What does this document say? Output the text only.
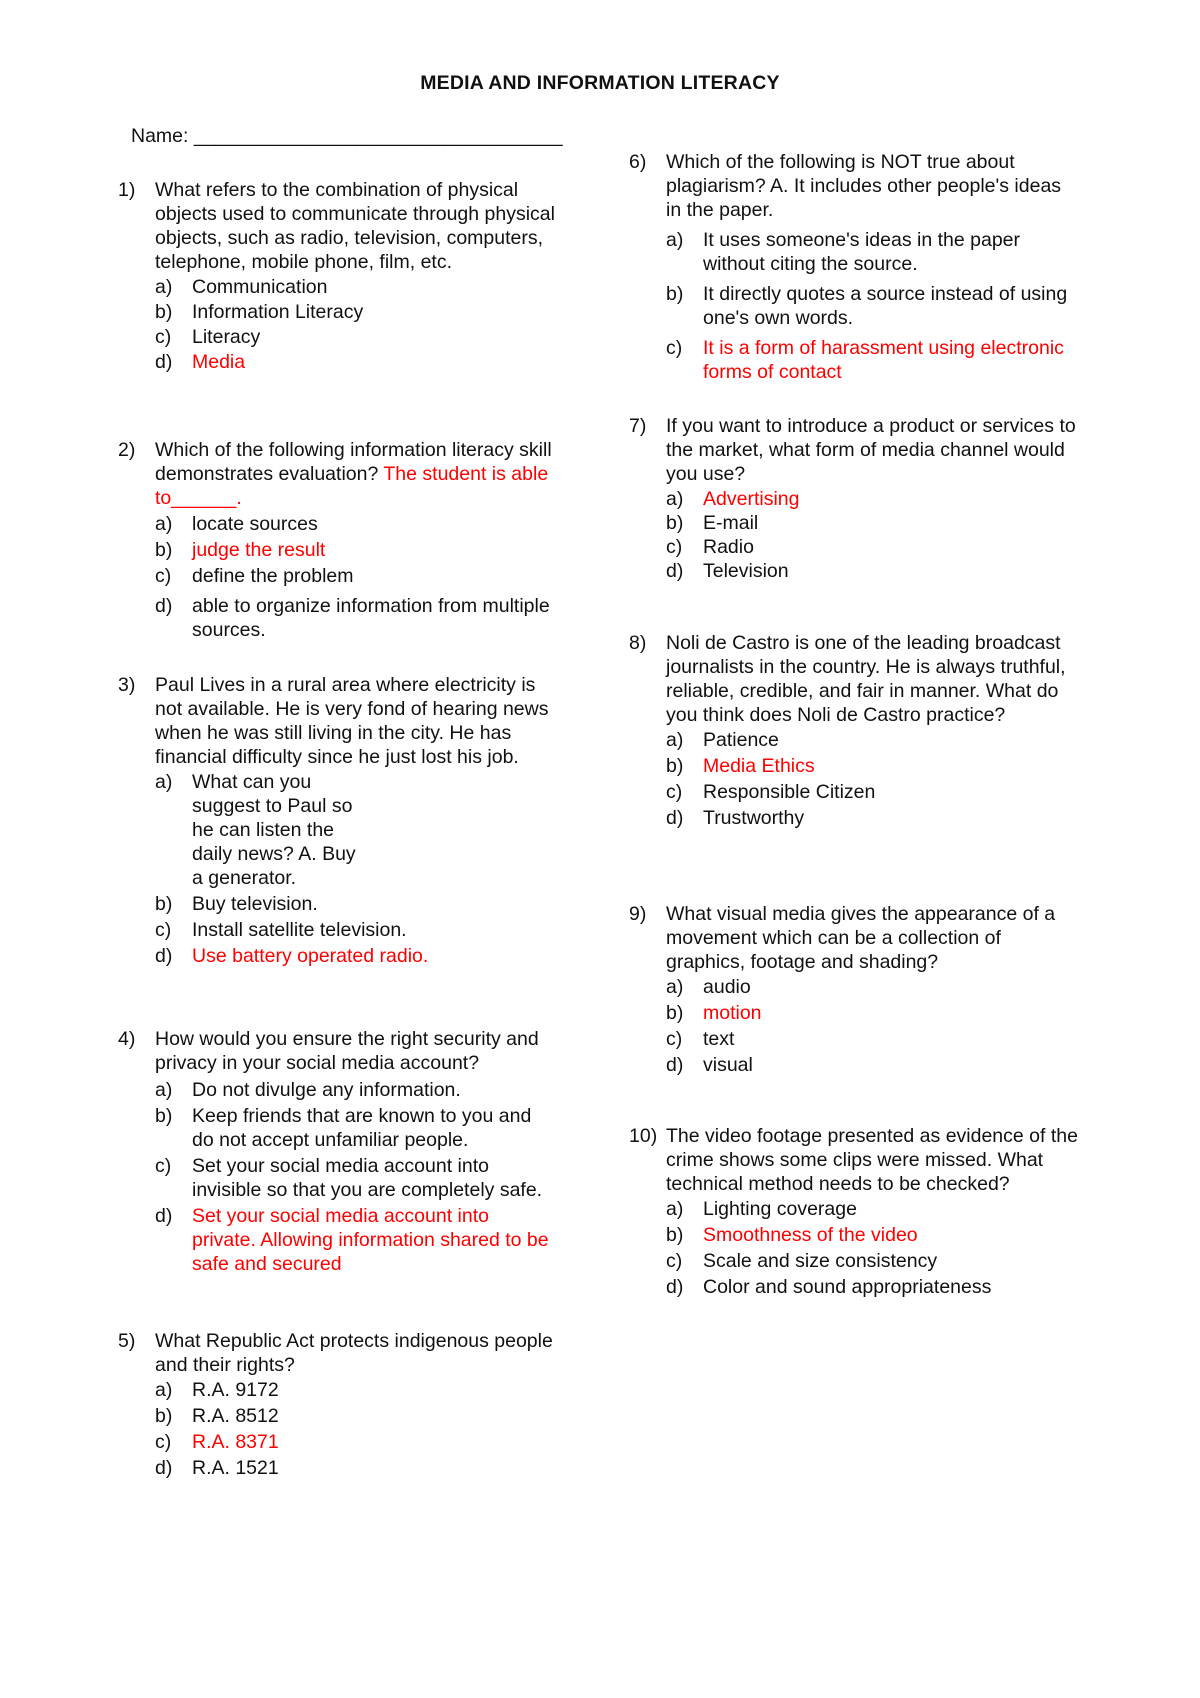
MEDIA AND INFORMATION LITERACY
Name: __________________________________
1) What refers to the combination of physical objects used to communicate through physical objects, such as radio, television, computers, telephone, mobile phone, film, etc.
a) Communication
b) Information Literacy
c) Literacy
d) Media
2) Which of the following information literacy skill demonstrates evaluation? The student is able to______.
a) locate sources
b) judge the result
c) define the problem
d) able to organize information from multiple sources.
3) Paul Lives in a rural area where electricity is not available. He is very fond of hearing news when he was still living in the city. He has financial difficulty since he just lost his job.
a) What can you suggest to Paul so he can listen the daily news? A. Buy a generator.
b) Buy television.
c) Install satellite television.
d) Use battery operated radio.
4) How would you ensure the right security and privacy in your social media account?
a) Do not divulge any information.
b) Keep friends that are known to you and do not accept unfamiliar people.
c) Set your social media account into invisible so that you are completely safe.
d) Set your social media account into private. Allowing information shared to be safe and secured
5) What Republic Act protects indigenous people and their rights?
a) R.A. 9172
b) R.A. 8512
c) R.A. 8371
d) R.A. 1521
6) Which of the following is NOT true about plagiarism? A. It includes other people's ideas in the paper.
a) It uses someone's ideas in the paper without citing the source.
b) It directly quotes a source instead of using one's own words.
c) It is a form of harassment using electronic forms of contact
7) If you want to introduce a product or services to the market, what form of media channel would you use?
a) Advertising
b) E-mail
c) Radio
d) Television
8) Noli de Castro is one of the leading broadcast journalists in the country. He is always truthful, reliable, credible, and fair in manner. What do you think does Noli de Castro practice?
a) Patience
b) Media Ethics
c) Responsible Citizen
d) Trustworthy
9) What visual media gives the appearance of a movement which can be a collection of graphics, footage and shading?
a) audio
b) motion
c) text
d) visual
10) The video footage presented as evidence of the crime shows some clips were missed. What technical method needs to be checked?
a) Lighting coverage
b) Smoothness of the video
c) Scale and size consistency
d) Color and sound appropriateness
